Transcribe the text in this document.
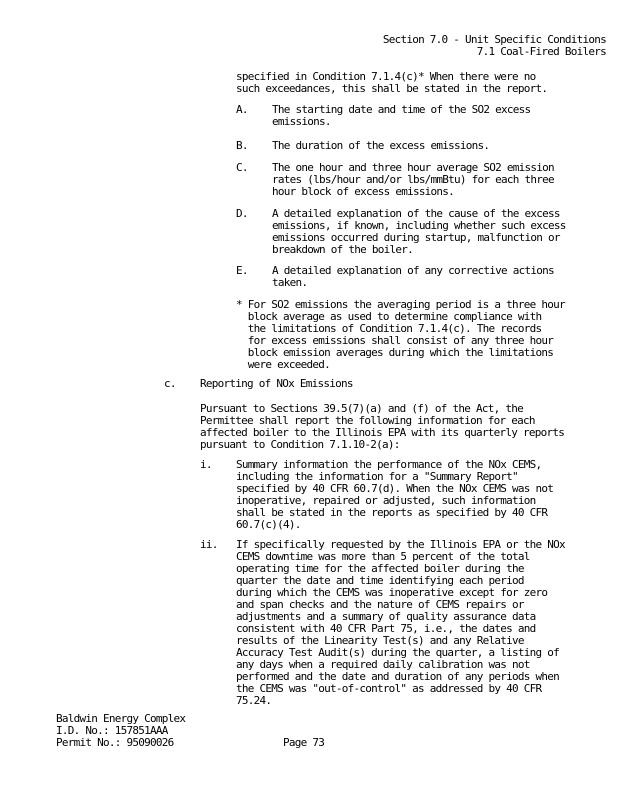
Section 7.0 - Unit Specific Conditions
7.1 Coal-Fired Boilers
specified in Condition 7.1.4(c)* When there were no
such exceedances, this shall be stated in the report.
A. The starting date and time of the SO2 excess
emissions.
B. The duration of the excess emissions.
C. The one hour and three hour average SO2 emission
rates (lbs/hour and/or lbs/mmBtu) for each three
hour block of excess emissions.
D. A detailed explanation of the cause of the excess
emissions, if known, including whether such excess
emissions occurred during startup, malfunction or
breakdown of the boiler.
E. A detailed explanation of any corrective actions
taken.
* For SO2 emissions the averaging period is a three hour
block average as used to determine compliance with
the limitations of Condition 7.1.4(c). The records
for excess emissions shall consist of any three hour
block emission averages during which the limitations
were exceeded.
c. Reporting of NOx Emissions
Pursuant to Sections 39.5(7)(a) and (f) of the Act, the
Permittee shall report the following information for each
affected boiler to the Illinois EPA with its quarterly reports
pursuant to Condition 7.1.10-2(a):
i. Summary information the performance of the NOx CEMS,
including the information for a "Summary Report"
specified by 40 CFR 60.7(d). When the NOx CEMS was not
inoperative, repaired or adjusted, such information
shall be stated in the reports as specified by 40 CFR
60.7(c)(4).
ii. If specifically requested by the Illinois EPA or the NOx
CEMS downtime was more than 5 percent of the total
operating time for the affected boiler during the
quarter the date and time identifying each period
during which the CEMS was inoperative except for zero
and span checks and the nature of CEMS repairs or
adjustments and a summary of quality assurance data
consistent with 40 CFR Part 75, i.e., the dates and
results of the Linearity Test(s) and any Relative
Accuracy Test Audit(s) during the quarter, a listing of
any days when a required daily calibration was not
performed and the date and duration of any periods when
the CEMS was "out-of-control" as addressed by 40 CFR
75.24.
Baldwin Energy Complex
I.D. No.: 157851AAA
Permit No.: 95090026	Page 73
